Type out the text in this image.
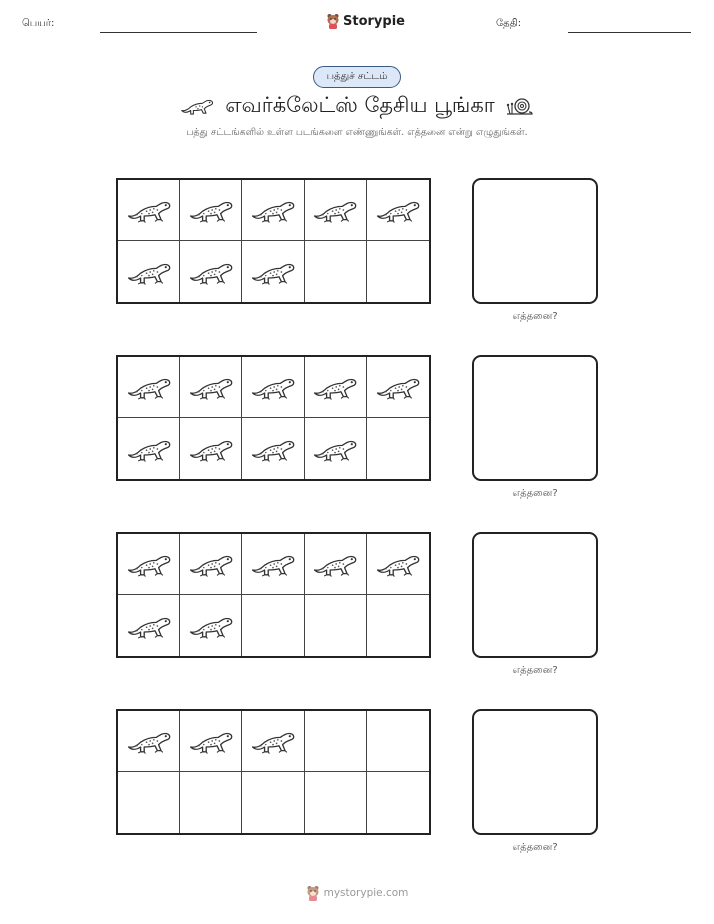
பெயர்:	Storypie	தேதி:
பத்துச் சட்டம்
எவர்க்லேட்ஸ் தேசிய பூங்கா
பத்து சட்டங்களில் உள்ள படங்களை எண்ணுங்கள். எத்தனை என்று எழுதுங்கள்.
எத்தனை?
எத்தனை?
எத்தனை?
எத்தனை?
mystorypie.com
